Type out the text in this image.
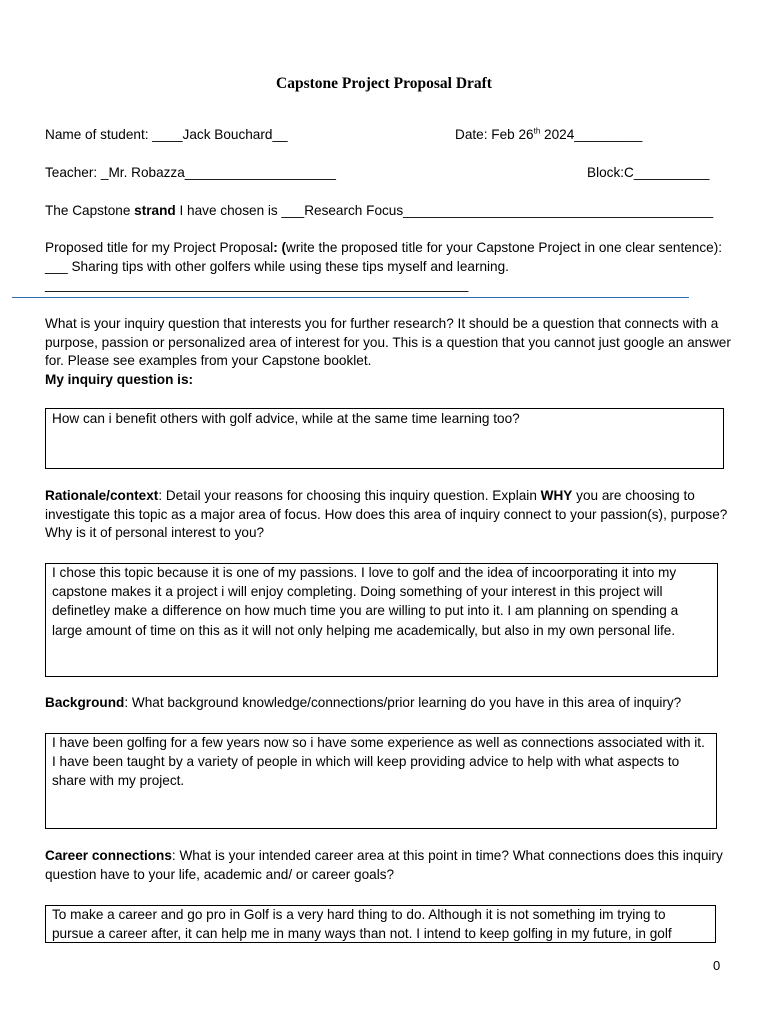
Capstone Project Proposal Draft
Name of student: ____Jack Bouchard__	Date: Feb 26th 2024_________
Teacher: _Mr. Robazza____________________	Block:C__________
The Capstone strand I have chosen is ___Research Focus_________________________________________
Proposed title for my Project Proposal: (write the proposed title for your Capstone Project in one clear sentence): ___ Sharing tips with other golfers while using these tips myself and learning.
________________________________________________________
What is your inquiry question that interests you for further research? It should be a question that connects with a purpose, passion or personalized area of interest for you. This is a question that you cannot just google an answer for. Please see examples from your Capstone booklet.
My inquiry question is:
How can i benefit others with golf advice, while at the same time learning too?
Rationale/context: Detail your reasons for choosing this inquiry question. Explain WHY you are choosing to investigate this topic as a major area of focus. How does this area of inquiry connect to your passion(s), purpose? Why is it of personal interest to you?
I chose this topic because it is one of my passions. I love to golf and the idea of incoorporating it into my capstone makes it a project i will enjoy completing. Doing something of your interest in this project will definetley make a difference on how much time you are willing to put into it. I am planning on spending a large amount of time on this as it will not only helping me academically, but also in my own personal life.
Background: What background knowledge/connections/prior learning do you have in this area of inquiry?
I have been golfing for a few years now so i have some experience as well as connections associated with it. I have been taught by a variety of people in which will keep providing advice to help with what aspects to share with my project.
Career connections: What is your intended career area at this point in time? What connections does this inquiry question have to your life, academic and/ or career goals?
To make a career and go pro in Golf is a very hard thing to do. Although it is not something im trying to pursue a career after, it can help me in many ways than not. I intend to keep golfing in my future, in golf
0
